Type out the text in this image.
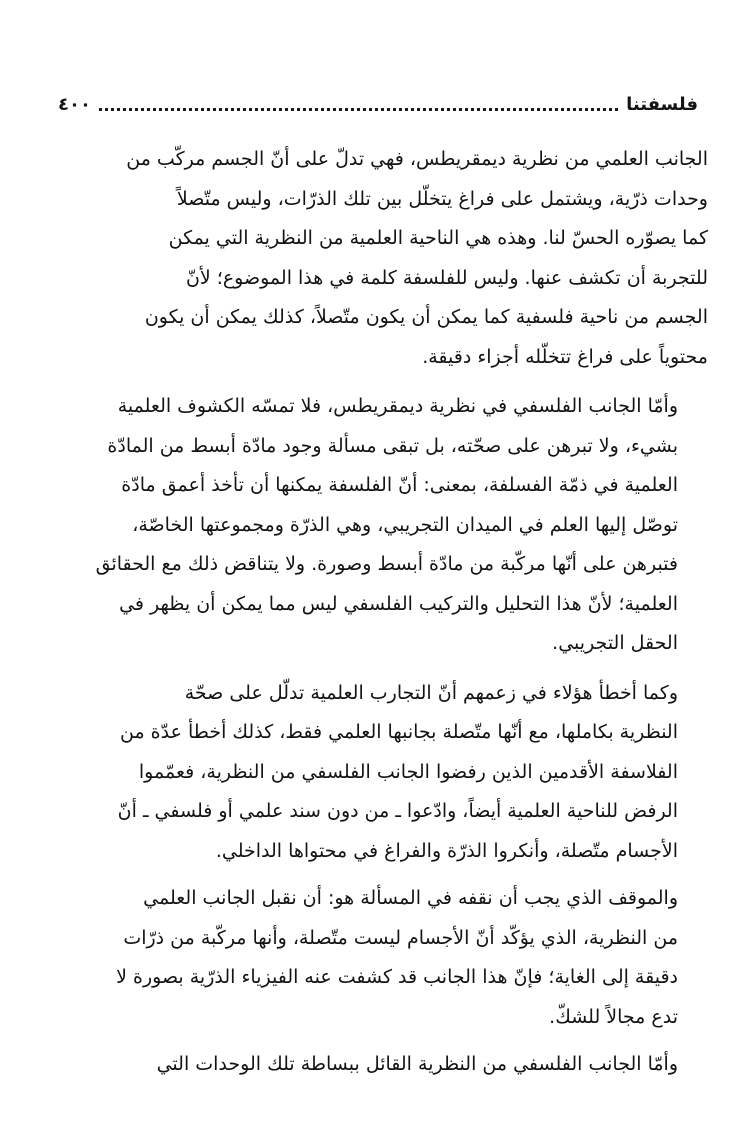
فلسفتنا
٤٠٠

الجانب العلمي من نظرية ديمقريطس، فهي تدلّ على أنّ الجسم مركّب من
وحدات ذرّية، ويشتمل على فراغ يتخلّل بين تلك الذرّات، وليس متّصلاً
كما يصوّره الحسّ لنا. وهذه هي الناحية العلمية من النظرية التي يمكن
للتجربة أن تكشف عنها. وليس للفلسفة كلمة في هذا الموضوع؛ لأنّ
الجسم من ناحية فلسفية كما يمكن أن يكون متّصلاً، كذلك يمكن أن يكون
محتوياً على فراغ تتخلّله أجزاء دقيقة.

وأمّا الجانب الفلسفي في نظرية ديمقريطس، فلا تمسّه الكشوف العلمية
بشيء، ولا تبرهن على صحّته، بل تبقى مسألة وجود مادّة أبسط من المادّة
العلمية في ذمّة الفسلفة، بمعنى: أنّ الفلسفة يمكنها أن تأخذ أعمق مادّة
توصّل إليها العلم في الميدان التجريبي، وهي الذرّة ومجموعتها الخاصّة،
فتبرهن على أنّها مركّبة من مادّة أبسط وصورة. ولا يتناقض ذلك مع الحقائق
العلمية؛ لأنّ هذا التحليل والتركيب الفلسفي ليس مما يمكن أن يظهر في
الحقل التجريبي.

وكما أخطأ هؤلاء في زعمهم أنّ التجارب العلمية تدلّل على صحّة
النظرية بكاملها، مع أنّها متّصلة بجانبها العلمي فقط، كذلك أخطأ عدّة من
الفلاسفة الأقدمين الذين رفضوا الجانب الفلسفي من النظرية، فعمّموا
الرفض للناحية العلمية أيضاً، وادّعوا ـ من دون سند علمي أو فلسفي ـ أنّ
الأجسام متّصلة، وأنكروا الذرّة والفراغ في محتواها الداخلي.

والموقف الذي يجب أن نقفه في المسألة هو: أن نقبل الجانب العلمي
من النظرية، الذي يؤكّد أنّ الأجسام ليست متّصلة، وأنها مركّبة من ذرّات
دقيقة إلى الغاية؛ فإنّ هذا الجانب قد كشفت عنه الفيزياء الذرّية بصورة لا
تدع مجالاً للشكّ.

وأمّا الجانب الفلسفي من النظرية القائل ببساطة تلك الوحدات التي
